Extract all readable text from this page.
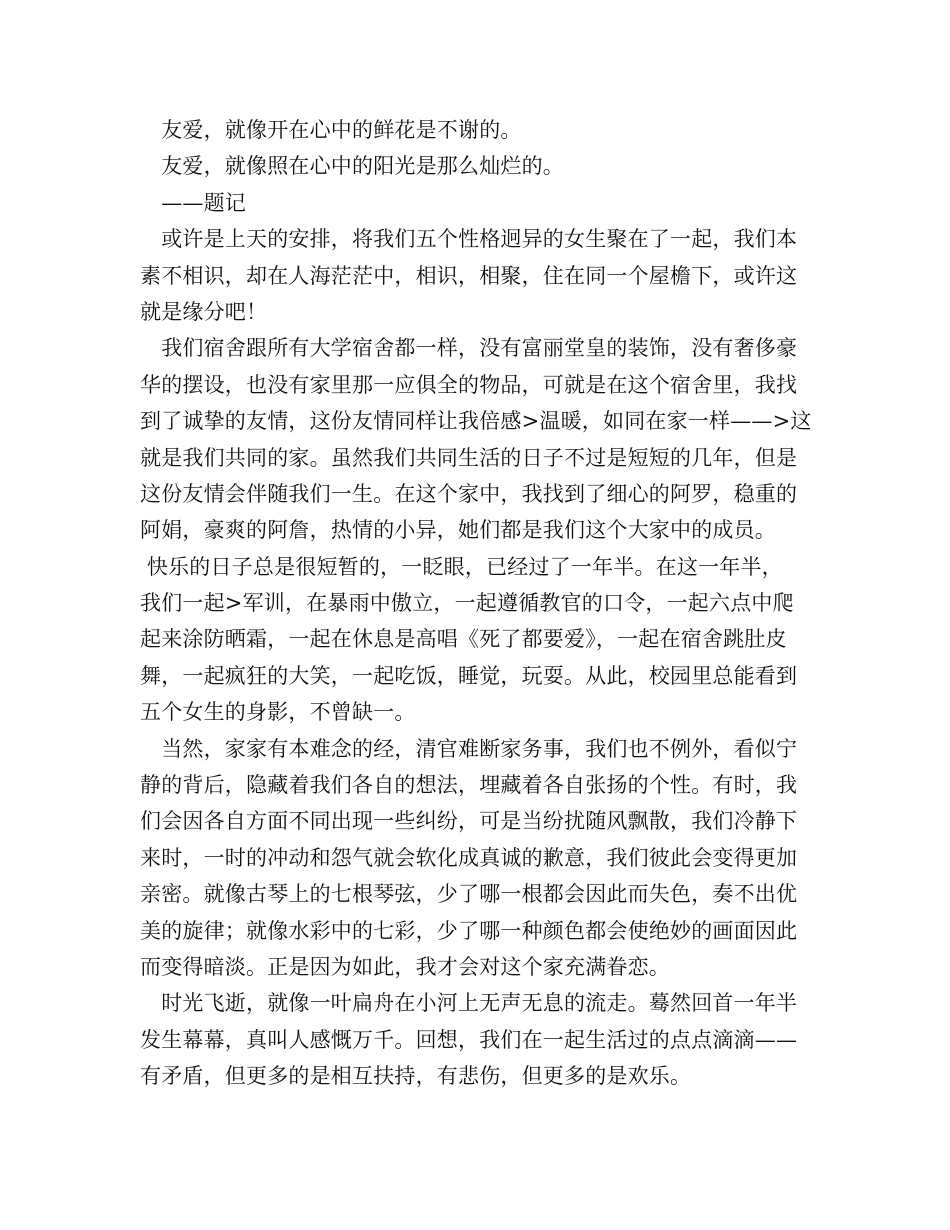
　友爱，就像开在心中的鲜花是不谢的。
　友爱，就像照在心中的阳光是那么灿烂的。
　——题记
　或许是上天的安排，将我们五个性格迥异的女生聚在了一起，我们本
素不相识，却在人海茫茫中，相识，相聚，住在同一个屋檐下，或许这
就是缘分吧！
　我们宿舍跟所有大学宿舍都一样，没有富丽堂皇的装饰，没有奢侈豪
华的摆设，也没有家里那一应俱全的物品，可就是在这个宿舍里，我找
到了诚挚的友情，这份友情同样让我倍感>温暖，如同在家一样——>这
就是我们共同的家。虽然我们共同生活的日子不过是短短的几年，但是
这份友情会伴随我们一生。在这个家中，我找到了细心的阿罗，稳重的
阿娟，豪爽的阿詹，热情的小异，她们都是我们这个大家中的成员。
快乐的日子总是很短暂的，一眨眼，已经过了一年半。在这一年半，
我们一起>军训，在暴雨中傲立，一起遵循教官的口令，一起六点中爬
起来涂防晒霜，一起在休息是高唱《死了都要爱》，一起在宿舍跳肚皮
舞，一起疯狂的大笑，一起吃饭，睡觉，玩耍。从此，校园里总能看到
五个女生的身影，不曾缺一。
　当然，家家有本难念的经，清官难断家务事，我们也不例外，看似宁
静的背后，隐藏着我们各自的想法，埋藏着各自张扬的个性。有时，我
们会因各自方面不同出现一些纠纷，可是当纷扰随风飘散，我们冷静下
来时，一时的冲动和怨气就会软化成真诚的歉意，我们彼此会变得更加
亲密。就像古琴上的七根琴弦，少了哪一根都会因此而失色，奏不出优
美的旋律；就像水彩中的七彩，少了哪一种颜色都会使绝妙的画面因此
而变得暗淡。正是因为如此，我才会对这个家充满眷恋。
　时光飞逝，就像一叶扁舟在小河上无声无息的流走。蓦然回首一年半
发生幕幕，真叫人感慨万千。回想，我们在一起生活过的点点滴滴——
有矛盾，但更多的是相互扶持，有悲伤，但更多的是欢乐。
